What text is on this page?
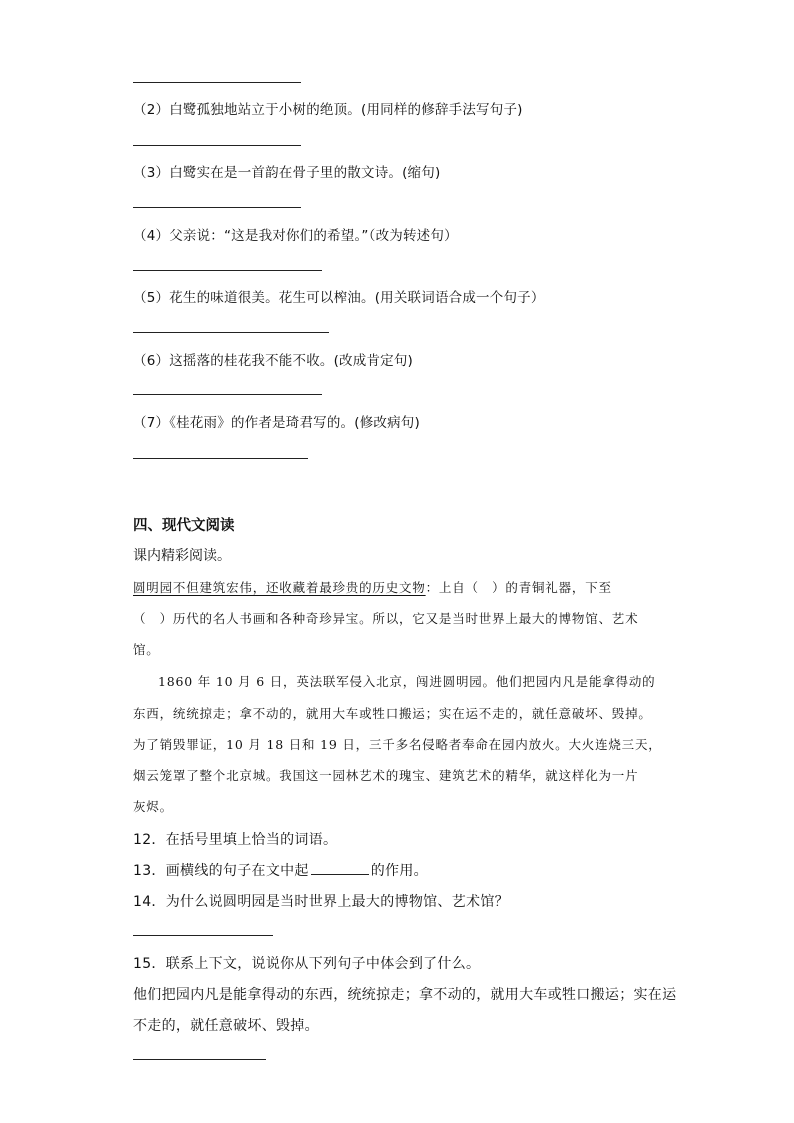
（2）白鹭孤独地站立于小树的绝顶。(用同样的修辞手法写句子)
（3）白鹭实在是一首韵在骨子里的散文诗。(缩句)
（4）父亲说：“这是我对你们的希望。”（改为转述句）
（5）花生的味道很美。花生可以榨油。(用关联词语合成一个句子）
（6）这摇落的桂花我不能不收。(改成肯定句)
（7）《桂花雨》的作者是琦君写的。(修改病句)
四、现代文阅读
课内精彩阅读。
圆明园不但建筑宏伟，还收藏着最珍贵的历史文物：上自（　）的青铜礼器，下至
（　）历代的名人书画和各种奇珍异宝。所以，它又是当时世界上最大的博物馆、艺术
馆。
1860 年 10 月 6 日，英法联军侵入北京，闯进圆明园。他们把园内凡是能拿得动的
东西，统统掠走；拿不动的，就用大车或牲口搬运；实在运不走的，就任意破坏、毁掉。
为了销毁罪证，10 月 18 日和 19 日，三千多名侵略者奉命在园内放火。大火连烧三天，
烟云笼罩了整个北京城。我国这一园林艺术的瑰宝、建筑艺术的精华，就这样化为一片
灰烬。
12．在括号里填上恰当的词语。
13．画横线的句子在文中起	的作用。
14．为什么说圆明园是当时世界上最大的博物馆、艺术馆？
15．联系上下文，说说你从下列句子中体会到了什么。
他们把园内凡是能拿得动的东西，统统掠走；拿不动的，就用大车或牲口搬运；实在运
不走的，就任意破坏、毁掉。
